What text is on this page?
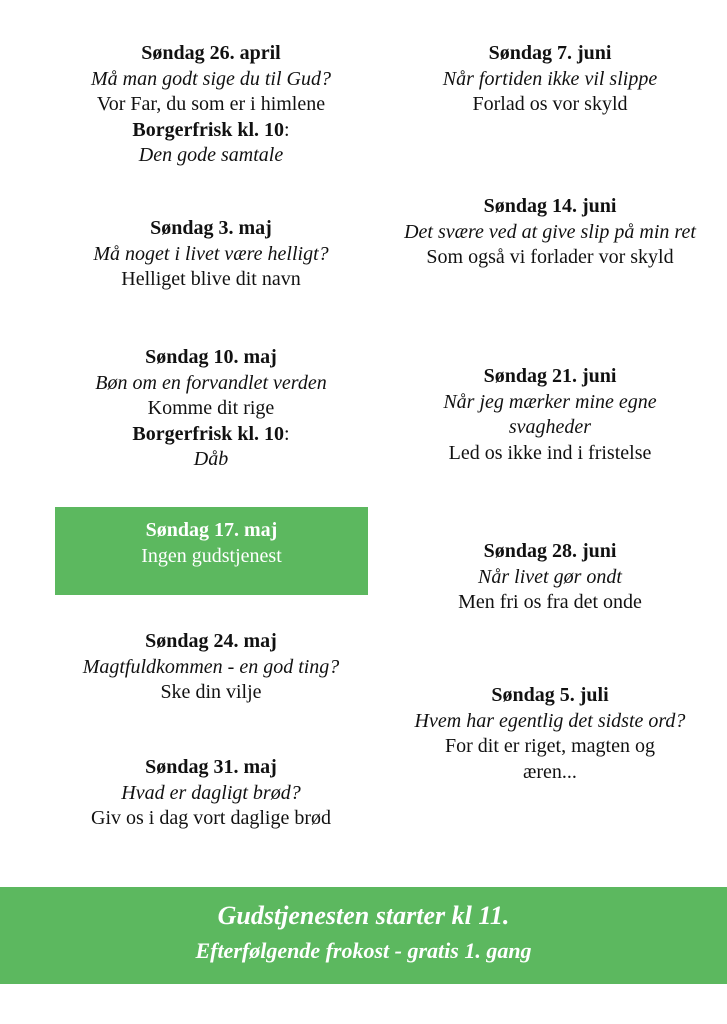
Søndag 26. april
Må man godt sige du til Gud?
Vor Far, du som er i himlene
Borgerfrisk kl. 10:
Den gode samtale
Søndag 3. maj
Må noget i livet være helligt?
Helliget blive dit navn
Søndag 10. maj
Bøn om en forvandlet verden
Komme dit rige
Borgerfrisk kl. 10:
Dåb
Søndag 24. maj
Magtfuldkommen - en god ting?
Ske din vilje
Søndag 31. maj
Hvad er dagligt brød?
Giv os i dag vort daglige brød
Søndag 17. maj
Ingen gudstjenest
Søndag 7. juni
Når fortiden ikke vil slippe
Forlad os vor skyld
Søndag 14. juni
Det svære ved at give slip på min ret
Som også vi forlader vor skyld
Søndag 21. juni
Når jeg mærker mine egne svagheder
Led os ikke ind i fristelse
Søndag 28. juni
Når livet gør ondt
Men fri os fra det onde
Søndag 5. juli
Hvem har egentlig det sidste ord?
For dit er riget, magten og æren...
Gudstjenesten starter kl 11.
Efterfølgende frokost - gratis 1. gang
